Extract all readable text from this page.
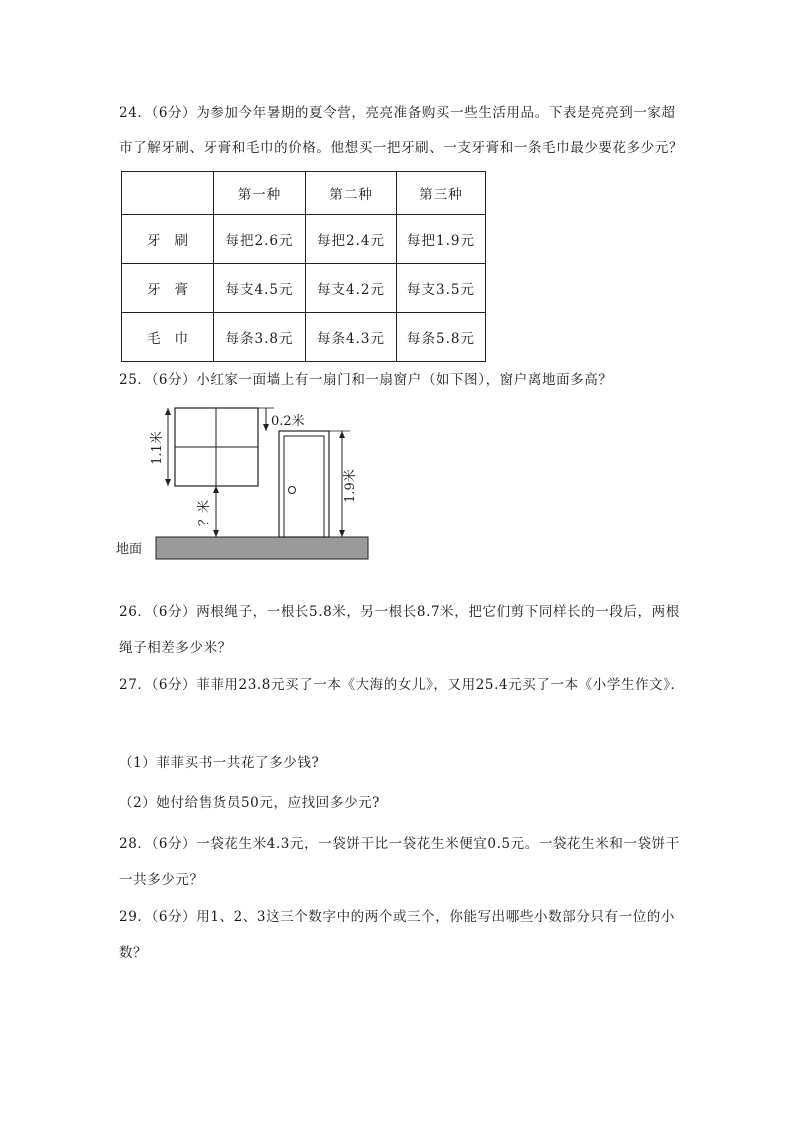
24．（6分）为参加今年暑期的夏令营，亮亮准备购买一些生活用品。下表是亮亮到一家超
市了解牙刷、牙膏和毛巾的价格。他想买一把牙刷、一支牙膏和一条毛巾最少要花多少元？
	第一种	第二种	第三种
牙刷	每把2.6元	每把2.4元	每把1.9元
牙膏	每支4.5元	每支4.2元	每支3.5元
毛巾	每条3.8元	每条4.3元	每条5.8元
25．（6分）小红家一面墙上有一扇门和一扇窗户（如下图），窗户离地面多高？
地面
1.1米
？米
0.2米
1.9米
26．（6分）两根绳子，一根长5.8米，另一根长8.7米，把它们剪下同样长的一段后，两根
绳子相差多少米？
27．（6分）菲菲用23.8元买了一本《大海的女儿》，又用25.4元买了一本《小学生作文》．
（1）菲菲买书一共花了多少钱?
（2）她付给售货员50元，应找回多少元?
28．（6分）一袋花生米4.3元，一袋饼干比一袋花生米便宜0.5元。一袋花生米和一袋饼干
一共多少元？
29．（6分）用1、2、3这三个数字中的两个或三个，你能写出哪些小数部分只有一位的小
数？
